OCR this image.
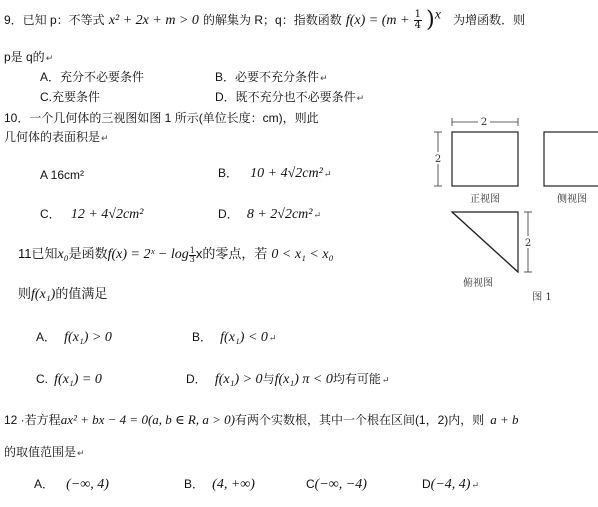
9．已知 p：不等式 x² + 2x + m > 0 的解集为 R；q：指数函数 $f(x) = (m + \frac{1}{4} )^x$ 为增函数．则
p是 q的↵
A．充分不必要条件	B．必要不充分条件↵
C.充要条件	D．既不充分也不必要条件↵
10．一个几何体的三视图如图 1 所示(单位长度：cm)，则此
几何体的表面积是↵
A 16cm²	B． 10 + 4√2cm²↵
C． 12 + 4√2cm²	D． 8 + 2√2cm²↵
2
2
正视图	侧视图
2
俯视图
图 1
11已知x₀是函数f(x) = 2ˣ − $\log \frac{1}{3}$ x的零点，若 0 < x₁ < x₀
则f(x₁)的值满足
A． f(x₁) > 0	B． f(x₁) < 0↵
C. f(x₁) = 0	D． f(x₁) > 0与f(x₁) π < 0均有可能↵
12 ·若方程ax² + bx − 4 = 0(a, b ∈ R, a > 0)有两个实数根，其中一个根在区间(1，2)内，则 a + b
的取值范围是↵
A． (−∞, 4)	B． (4, +∞)	C(−∞, −4)	D(−4, 4)↵
